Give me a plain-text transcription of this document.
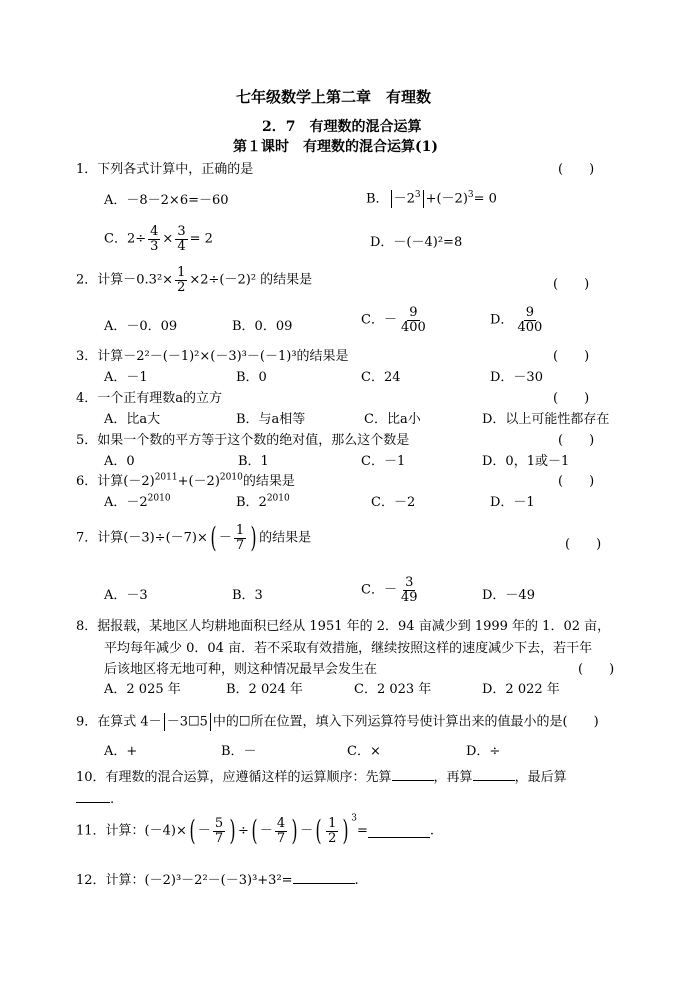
七年级数学上第二章　有理数
2．7　有理数的混合运算
第１课时　有理数的混合运算(1)
1．下列各式计算中，正确的是	(　　)
A．－8－2×6=－60	B． $-2^3 +(-2)^3= 0$
C．$2\div \frac{4}{3} \times \frac{3}{4} = 2$	D．－(－4)²=8
2．计算$-0.3^2\times \frac{1}{2} \times 2\div(-2)^2$ 的结果是	(　　)
A．－0．09	B．0．09	C．－ $\frac{9}{400}$	D． $\frac{9}{400}$
3．计算－2²－(－1)²×(－3)³－(－1)³的结果是	(　　)
A．－1	B．0	C．24	D．－30
4．一个正有理数a的立方	(　　)
A．比a大	B．与a相等	C．比a小	D．以上可能性都存在
5．如果一个数的平方等于这个数的绝对值，那么这个数是	(　　)
A．0	B．1	C．－1	D．0，1或－1
6．计算$(-2)^{2011}+(-2)^{2010}$的结果是	(　　)
A．$-2^{2010}$	B．$2^{2010}$	C．－2	D．－1
7．计算$(-3)\div(-7)\times( - \frac{1}{7}$ ) 的结果是	(　　)
A．－3	B．3	C．－ $\frac{3}{49}$	D．－49
8．据报载，某地区人均耕地面积已经从 1951 年的 2．94 亩减少到 1999 年的 1．02 亩，
平均每年减少 0．04 亩．若不采取有效措施，继续按照这样的速度减少下去，若干年
后该地区将无地可种，则这种情况最早会发生在	(　　)
A．2 025 年	B．2 024 年	C．2 023 年	D．2 022 年
9．在算式 4－ －3☐5 中的☐所在位置，填入下列运算符号使计算出来的值最小的是(　　)
A．+	B．－	C．×	D．÷
10．有理数的混合运算，应遵循这样的运算顺序：先算	，再算	，最后算
.
11．计算：$(-4)\times( - \frac{5}{7}$ ) ÷( － $\frac{4}{7}$ ) －( $\frac{1}{2}$ ) $^3$=	.
12．计算：(－2)³－2²－(－3)³+3²=	.
